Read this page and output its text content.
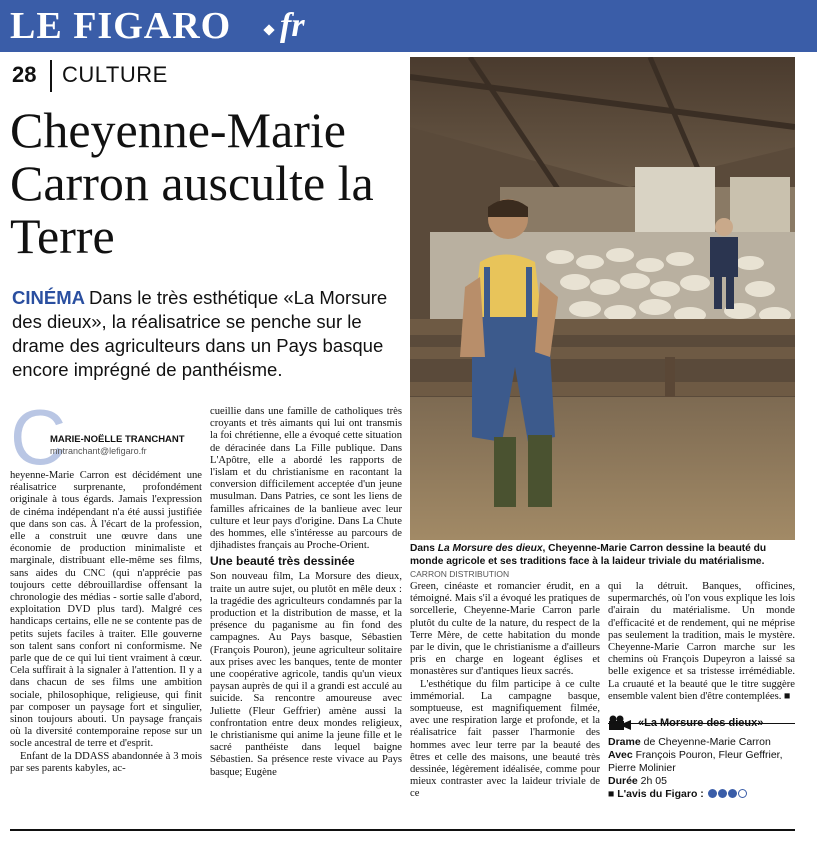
LE FIGARO fr
28 CULTURE
Cheyenne-Marie Carron ausculte la Terre

CINÉMA Dans le très esthétique «La Morsure des dieux», la réalisatrice se penche sur le drame des agriculteurs dans un Pays basque encore imprégné de panthéisme.

Dans La Morsure des dieux, Cheyenne-Marie Carron dessine la beauté du monde agricole et ses traditions face à la laideur triviale du matérialisme. CARRON DISTRIBUTION

C
MARIE-NOËLLE TRANCHANT
mntranchant@lefigaro.fr

heyenne-Marie Carron est décidément une réalisatrice surprenante, profondément originale à tous égards. Jamais l'expression de cinéma indépendant n'a été aussi justifiée que dans son cas. À l'écart de la profession, elle a construit une œuvre dans une économie de production minimaliste et marginale, distribuant elle-même ses films, sans aides du CNC (qui n'apprécie pas toujours cette débrouillardise offensant la chronologie des médias - sortie salle d'abord, exploitation DVD plus tard). Malgré ces handicaps certains, elle ne se contente pas de petits sujets faciles à traiter. Elle gouverne son talent sans confort ni conformisme. Ne parle que de ce qui lui tient vraiment à cœur. Cela suffirait à la signaler à l'attention. Il y a dans chacun de ses films une ambition sociale, philosophique, religieuse, qui finit par composer un paysage fort et singulier, sinon toujours abouti. Un paysage français où la diversité contemporaine repose sur un socle ancestral de terre et d'esprit.

Enfant de la DDASS abandonnée à 3 mois par ses parents kabyles, ac-

cueillie dans une famille de catholiques très croyants et très aimants qui lui ont transmis la foi chrétienne, elle a évoqué cette situation de déracinée dans La Fille publique. Dans L'Apôtre, elle a abordé les rapports de l'islam et du christianisme en racontant la conversion difficilement acceptée d'un jeune musulman. Dans Patries, ce sont les liens de familles africaines de la banlieue avec leur culture et leur pays d'origine. Dans La Chute des hommes, elle s'intéresse au parcours de djihadistes français au Proche-Orient.

Une beauté très dessinée

Son nouveau film, La Morsure des dieux, traite un autre sujet, ou plutôt en mêle deux : la tragédie des agriculteurs condamnés par la production et la distribution de masse, et la présence du paganisme au fin fond des campagnes. Au Pays basque, Sébastien (François Pouron), jeune agriculteur solitaire aux prises avec les banques, tente de monter une coopérative agricole, tandis qu'un vieux paysan auprès de qui il a grandi est acculé au suicide. Sa rencontre amoureuse avec Juliette (Fleur Geffrier) amène aussi la confrontation entre deux mondes religieux, le christianisme qui anime la jeune fille et le sacré panthéiste dans lequel baigne Sébastien. Sa présence reste vivace au Pays basque; Eugène

Green, cinéaste et romancier érudit, en a témoigné. Mais s'il a évoqué les pratiques de sorcellerie, Cheyenne-Marie Carron parle plutôt du culte de la nature, du respect de la Terre Mère, de cette habitation du monde par le divin, que le christianisme a d'ailleurs pris en charge en logeant églises et monastères sur d'antiques lieux sacrés.

L'esthétique du film participe à ce culte immémorial. La campagne basque, somptueuse, est magnifiquement filmée, avec une respiration large et profonde, et la réalisatrice fait passer l'harmonie des hommes avec leur terre par la beauté des êtres et celle des maisons, une beauté très dessinée, légèrement idéalisée, comme pour mieux contraster avec la laideur triviale de ce

qui la détruit. Banques, officines, supermarchés, où l'on vous explique les lois d'airain du matérialisme. Un monde d'efficacité et de rendement, qui ne méprise pas seulement la tradition, mais le mystère. Cheyenne-Marie Carron marche sur les chemins où François Dupeyron a laissé sa belle exigence et sa tristesse irrémédiable. La cruauté et la beauté que le titre suggère ensemble valent bien d'être contemplées. ■

«La Morsure des dieux»
Drame de Cheyenne-Marie Carron
Avec François Pouron, Fleur Geffrier, Pierre Molinier
Durée 2h 05
■ L'avis du Figaro :
